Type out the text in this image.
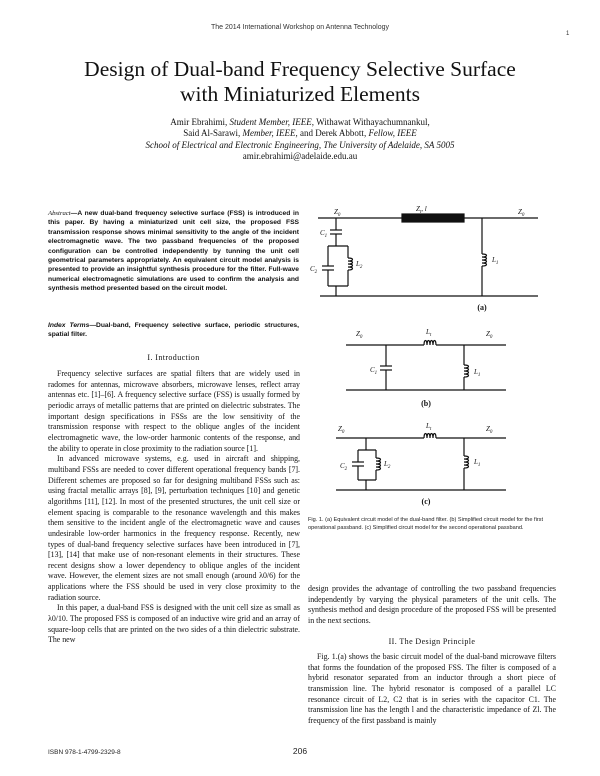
The 2014 International Workshop on Antenna Technology
1
Design of Dual-band Frequency Selective Surface
with Miniaturized Elements
Amir Ebrahimi, Student Member, IEEE, Withawat Withayachumnankul,
Said Al-Sarawi, Member, IEEE, and Derek Abbott, Fellow, IEEE
School of Electrical and Electronic Engineering, The University of Adelaide, SA 5005
amir.ebrahimi@adelaide.edu.au
Abstract—A new dual-band frequency selective surface (FSS) is introduced in this paper. By having a miniaturized unit cell size, the proposed FSS transmission response shows minimal sensitivity to the angle of the incident electromagnetic wave. The two passband frequencies of the proposed configuration can be controlled independently by tunning the unit cell geometrical parameters appropriately. An equivalent circuit model analysis is presented to provide an insightful synthesis procedure for the filter. Full-wave numerical electromagnetic simulations are used to confirm the analysis and synthesis method presented based on the circuit model.
Index Terms—Dual-band, Frequency selective surface, periodic structures, spatial filter.
I. Introduction

Frequency selective surfaces are spatial filters that are widely used in radomes for antennas, microwave absorbers, microwave lenses, reflect array antennas etc. [1]–[6]. A frequency selective surface (FSS) is usually formed by periodic arrays of metallic patterns that are printed on dielectric substrates. The important design specifications in FSSs are the low sensitivity of the transmission response with respect to the oblique angles of the incident electromagnetic wave, the low-order harmonic contents of the response, and the ability to operate in close proximity to the radiation source [1].

In advanced microwave systems, e.g. used in aircraft and shipping, multiband FSSs are needed to cover different operational frequency bands [7]. Different schemes are proposed so far for designing multiband FSSs such as: using fractal metallic arrays [8], [9], perturbation techniques [10] and genetic algorithms [11], [12]. In most of the presented structures, the unit cell size or element spacing is comparable to the resonance wavelength and this makes them sensitive to the incident angle of the electromagnetic wave and causes undesirable low-order harmonics in the frequency response. Recently, new types of dual-band frequency selective surfaces have been introduced in [7], [13], [14] that make use of non-resonant elements in their structures. These recent designs show a lower dependency to oblique angles of the incident wave. However, the element sizes are not small enough (around λ0/6) for the applications where the FSS should be used in very close proximity to the radiation source.

In this paper, a dual-band FSS is designed with the unit cell size as small as λ0/10. The proposed FSS is composed of an inductive wire grid and an array of square-loop cells that are printed on the two sides of a thin dielectric substrate. The new

$Z_0$
$Z_t$, l	$Z_0$
$C_1$
$C_2$
$L_2$
$L_1$
$Z_0$
$L_t$	$Z_0$
$C_1$	$L_1$
$Z_0$
$L_t$	$Z_0$
$C_2$
$L_2$
$L_1$
(a)
(b)
(c)
Fig. 1. (a) Equivalent circuit model of the dual-band filter. (b) Simplified circuit model for the first operational passband. (c) Simplified circuit model for the second operational passband.

design provides the advantage of controlling the two passband frequencies independently by varying the physical parameters of the unit cells. The synthesis method and design procedure of the proposed FSS will be presented in the next sections.

II. The Design Principle

Fig. 1.(a) shows the basic circuit model of the dual-band microwave filters that forms the foundation of the proposed FSS. The filter is composed of a hybrid resonator separated from an inductor through a short piece of transmission line. The hybrid resonator is composed of a parallel LC resonance circuit of L2, C2 that is in series with the capacitor C1. The transmission line has the length l and the characteristic impedance of Zl. The frequency of the first passband is mainly

ISBN 978-1-4799-2329-8	206
